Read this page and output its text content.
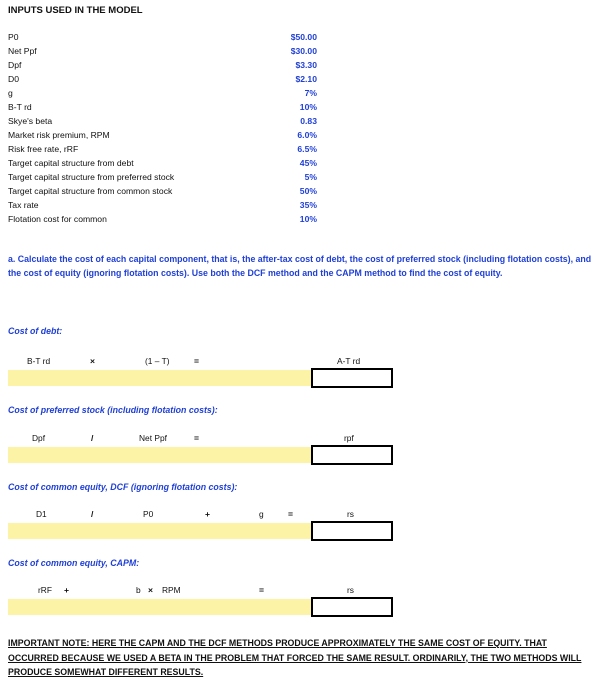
INPUTS USED IN THE MODEL
P0	$50.00
Net Ppf	$30.00
Dpf	$3.30
D0	$2.10
g	7%
B-T rd	10%
Skye's beta	0.83
Market risk premium, RPM	6.0%
Risk free rate, rRF	6.5%
Target capital structure from debt	45%
Target capital structure from preferred stock	5%
Target capital structure from common stock	50%
Tax rate	35%
Flotation cost for common	10%
a. Calculate the cost of each capital component, that is, the after-tax cost of debt, the cost of preferred stock (including flotation costs), and the cost of equity (ignoring flotation costs). Use both the DCF method and the CAPM method to find the cost of equity.
Cost of debt:
B-T rd	×	(1 – T)	=	A-T rd
Cost of preferred stock (including flotation costs):
Dpf	/	Net Ppf	=	rpf
Cost of common equity, DCF (ignoring flotation costs):
D1	/	P0	+	g	=	rs
Cost of common equity, CAPM:
rRF +	b × RPM	=	rs
IMPORTANT NOTE: HERE THE CAPM AND THE DCF METHODS PRODUCE APPROXIMATELY THE SAME COST OF EQUITY. THAT OCCURRED BECAUSE WE USED A BETA IN THE PROBLEM THAT FORCED THE SAME RESULT. ORDINARILY, THE TWO METHODS WILL PRODUCE SOMEWHAT DIFFERENT RESULTS.
